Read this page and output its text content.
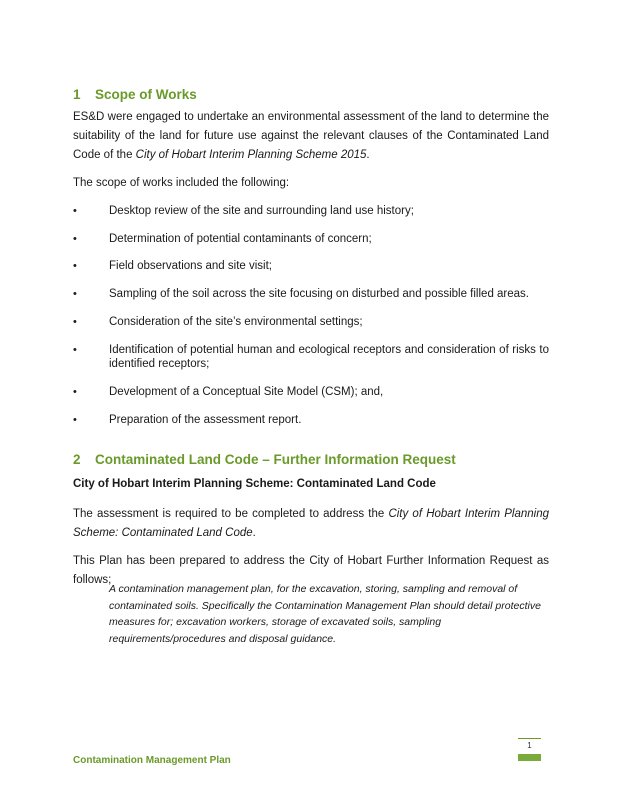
1 Scope of Works

ES&D were engaged to undertake an environmental assessment of the land to determine the suitability of the land for future use against the relevant clauses of the Contaminated Land Code of the City of Hobart Interim Planning Scheme 2015.

The scope of works included the following:

•	Desktop review of the site and surrounding land use history;
•	Determination of potential contaminants of concern;
•	Field observations and site visit;
•	Sampling of the soil across the site focusing on disturbed and possible filled areas.
•	Consideration of the site’s environmental settings;
•	Identification of potential human and ecological receptors and consideration of risks to identified receptors;
•	Development of a Conceptual Site Model (CSM); and,
•	Preparation of the assessment report.
2 Contaminated Land Code – Further Information Request
City of Hobart Interim Planning Scheme: Contaminated Land Code

The assessment is required to be completed to address the City of Hobart Interim Planning Scheme: Contaminated Land Code.

This Plan has been prepared to address the City of Hobart Further Information Request as follows;

A contamination management plan, for the excavation, storing, sampling and removal of contaminated soils. Specifically the Contamination Management Plan should detail protective measures for; excavation workers, storage of excavated soils, sampling requirements/procedures and disposal guidance.

1
Contamination Management Plan
